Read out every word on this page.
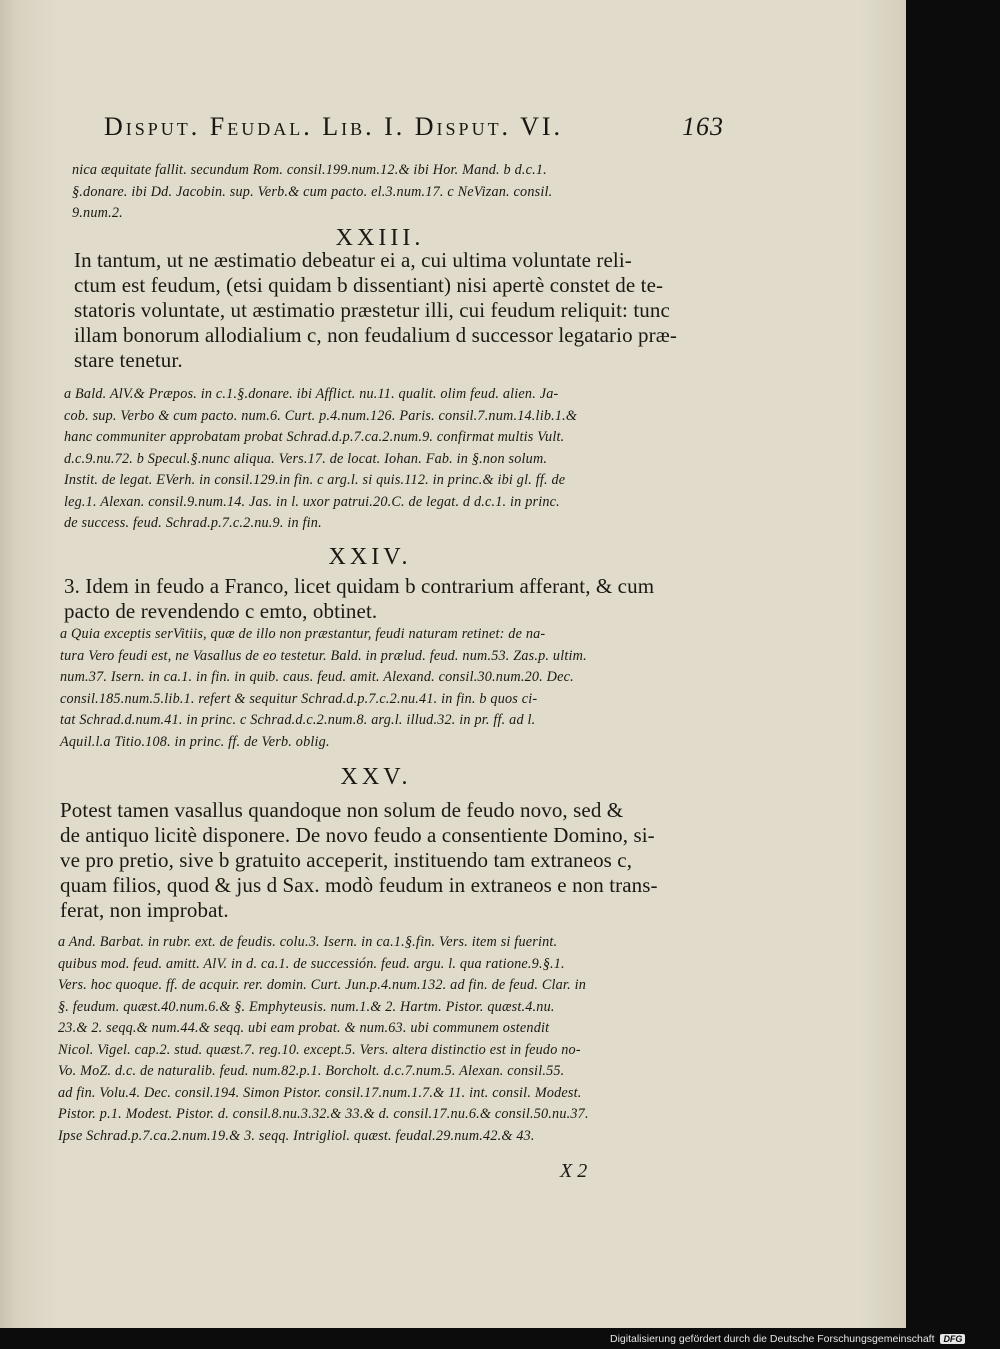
Disput. Feudal. Lib. I. Disput. VI.	163
nica æquitate fallit. secundum Rom. consil.199.num.12.& ibi Hor. Mand. b d.c.1.
§.donare. ibi Dd. Jacobin. sup. Verb.& cum pacto. el.3.num.17. c NeVizan. consil.
9.num.2.
XXIII.
In tantum, ut ne æstimatio debeatur ei a, cui ultima voluntate reli-
ctum est feudum, (etsi quidam b dissentiant) nisi apertè constet de te-
statoris voluntate, ut æstimatio præstetur illi, cui feudum reliquit: tunc
illam bonorum allodialium c, non feudalium d successor legatario præ-
stare tenetur.
a Bald. AlV.& Præpos. in c.1.§.donare. ibi Afflict. nu.11. qualit. olim feud. alien. Ja-
cob. sup. Verbo & cum pacto. num.6. Curt. p.4.num.126. Paris. consil.7.num.14.lib.1.&
hanc communiter approbatam probat Schrad.d.p.7.ca.2.num.9. confirmat multis Vult.
d.c.9.nu.72. b Specul.§.nunc aliqua. Vers.17. de locat. Iohan. Fab. in §.non solum.
Instit. de legat. EVerh. in consil.129.in fin. c arg.l. si quis.112. in princ.& ibi gl. ff. de
leg.1. Alexan. consil.9.num.14. Jas. in l. uxor patrui.20.C. de legat. d d.c.1. in princ.
de success. feud. Schrad.p.7.c.2.nu.9. in fin.
XXIV.
3. Idem in feudo a Franco, licet quidam b contrarium afferant, & cum
pacto de revendendo c emto, obtinet.
a Quia exceptis serVitiis, quæ de illo non præstantur, feudi naturam retinet: de na-
tura Vero feudi est, ne Vasallus de eo testetur. Bald. in prælud. feud. num.53. Zas.p. ultim.
num.37. Isern. in ca.1. in fin. in quib. caus. feud. amit. Alexand. consil.30.num.20. Dec.
consil.185.num.5.lib.1. refert & sequitur Schrad.d.p.7.c.2.nu.41. in fin. b quos ci-
tat Schrad.d.num.41. in princ. c Schrad.d.c.2.num.8. arg.l. illud.32. in pr. ff. ad l.
Aquil.l.a Titio.108. in princ. ff. de Verb. oblig.
XXV.
Potest tamen vasallus quandoque non solum de feudo novo, sed &
de antiquo licitè disponere. De novo feudo a consentiente Domino, si-
ve pro pretio, sive b gratuito acceperit, instituendo tam extraneos c,
quam filios, quod & jus d Sax. modò feudum in extraneos e non trans-
ferat, non improbat.
a And. Barbat. in rubr. ext. de feudis. colu.3. Isern. in ca.1.§.fin. Vers. item si fuerint.
quibus mod. feud. amitt. AlV. in d. ca.1. de successión. feud. argu. l. qua ratione.9.§.1.
Vers. hoc quoque. ff. de acquir. rer. domin. Curt. Jun.p.4.num.132. ad fin. de feud. Clar. in
§. feudum. quæst.40.num.6.& §. Emphyteusis. num.1.& 2. Hartm. Pistor. quæst.4.nu.
23.& 2. seqq.& num.44.& seqq. ubi eam probat. & num.63. ubi communem ostendit
Nicol. Vigel. cap.2. stud. quæst.7. reg.10. except.5. Vers. altera distinctio est in feudo no-
Vo. MoZ. d.c. de naturalib. feud. num.82.p.1. Borcholt. d.c.7.num.5. Alexan. consil.55.
ad fin. Volu.4. Dec. consil.194. Simon Pistor. consil.17.num.1.7.& 11. int. consil. Modest.
Pistor. p.1. Modest. Pistor. d. consil.8.nu.3.32.& 33.& d. consil.17.nu.6.& consil.50.nu.37.
Ipse Schrad.p.7.ca.2.num.19.& 3. seqq. Intrigliol. quæst. feudal.29.num.42.& 43.
X 2
Digitalisierung gefördert durch die Deutsche Forschungsgemeinschaft DFG
